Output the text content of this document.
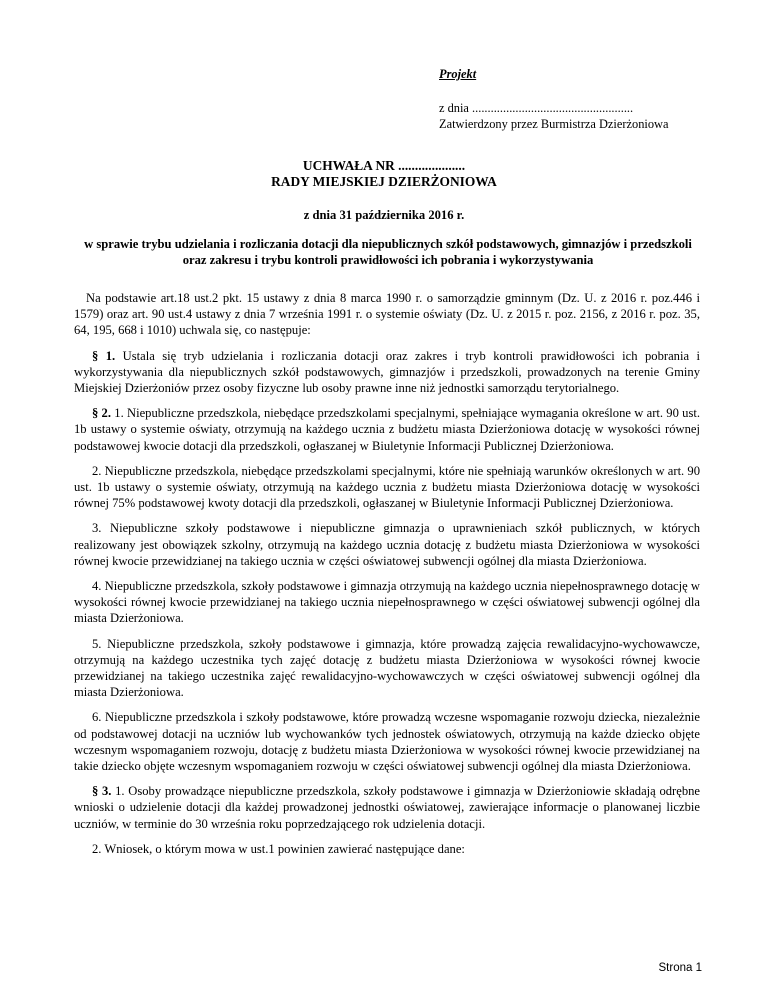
Projekt
z dnia ....................................................
Zatwierdzony przez Burmistrza Dzierżoniowa
UCHWAŁA NR ....................
RADY MIEJSKIEJ DZIERŻONIOWA
z dnia 31 października 2016 r.
w sprawie trybu udzielania i rozliczania dotacji dla niepublicznych szkół podstawowych, gimnazjów i przedszkoli oraz zakresu i trybu kontroli prawidłowości ich pobrania i wykorzystywania

Na podstawie art.18 ust.2 pkt. 15 ustawy z dnia 8 marca 1990 r. o samorządzie gminnym (Dz. U. z 2016 r. poz.446 i 1579) oraz art. 90 ust.4 ustawy z dnia 7 września 1991 r. o systemie oświaty (Dz. U. z 2015 r. poz. 2156, z 2016 r. poz. 35, 64, 195, 668 i 1010) uchwala się, co następuje:

§ 1. Ustala się tryb udzielania i rozliczania dotacji oraz zakres i tryb kontroli prawidłowości ich pobrania i wykorzystywania dla niepublicznych szkół podstawowych, gimnazjów i przedszkoli, prowadzonych na terenie Gminy Miejskiej Dzierżoniów przez osoby fizyczne lub osoby prawne inne niż jednostki samorządu terytorialnego.

§ 2. 1. Niepubliczne przedszkola, niebędące przedszkolami specjalnymi, spełniające wymagania określone w art. 90 ust. 1b ustawy o systemie oświaty, otrzymują na każdego ucznia z budżetu miasta Dzierżoniowa dotację w wysokości równej podstawowej kwocie dotacji dla przedszkoli, ogłaszanej w Biuletynie Informacji Publicznej Dzierżoniowa.

2. Niepubliczne przedszkola, niebędące przedszkolami specjalnymi, które nie spełniają warunków określonych w art. 90 ust. 1b ustawy o systemie oświaty, otrzymują na każdego ucznia z budżetu miasta Dzierżoniowa dotację w wysokości równej 75% podstawowej kwoty dotacji dla przedszkoli, ogłaszanej w Biuletynie Informacji Publicznej Dzierżoniowa.

3. Niepubliczne szkoły podstawowe i niepubliczne gimnazja o uprawnieniach szkół publicznych, w których realizowany jest obowiązek szkolny, otrzymują na każdego ucznia dotację z budżetu miasta Dzierżoniowa w wysokości równej kwocie przewidzianej na takiego ucznia w części oświatowej subwencji ogólnej dla miasta Dzierżoniowa.

4. Niepubliczne przedszkola, szkoły podstawowe i gimnazja otrzymują na każdego ucznia niepełnosprawnego dotację w wysokości równej kwocie przewidzianej na takiego ucznia niepełnosprawnego w części oświatowej subwencji ogólnej dla miasta Dzierżoniowa.

5. Niepubliczne przedszkola, szkoły podstawowe i gimnazja, które prowadzą zajęcia rewalidacyjno-wychowawcze, otrzymują na każdego uczestnika tych zajęć dotację z budżetu miasta Dzierżoniowa w wysokości równej kwocie przewidzianej na takiego uczestnika zajęć rewalidacyjno-wychowawczych w części oświatowej subwencji ogólnej dla miasta Dzierżoniowa.

6. Niepubliczne przedszkola i szkoły podstawowe, które prowadzą wczesne wspomaganie rozwoju dziecka, niezależnie od podstawowej dotacji na uczniów lub wychowanków tych jednostek oświatowych, otrzymują na każde dziecko objęte wczesnym wspomaganiem rozwoju, dotację z budżetu miasta Dzierżoniowa w wysokości równej kwocie przewidzianej na takie dziecko objęte wczesnym wspomaganiem rozwoju w części oświatowej subwencji ogólnej dla miasta Dzierżoniowa.

§ 3. 1. Osoby prowadzące niepubliczne przedszkola, szkoły podstawowe i gimnazja w Dzierżoniowie składają odrębne wnioski o udzielenie dotacji dla każdej prowadzonej jednostki oświatowej, zawierające informacje o planowanej liczbie uczniów, w terminie do 30 września roku poprzedzającego rok udzielenia dotacji.

2. Wniosek, o którym mowa w ust.1 powinien zawierać następujące dane:

Strona 1
